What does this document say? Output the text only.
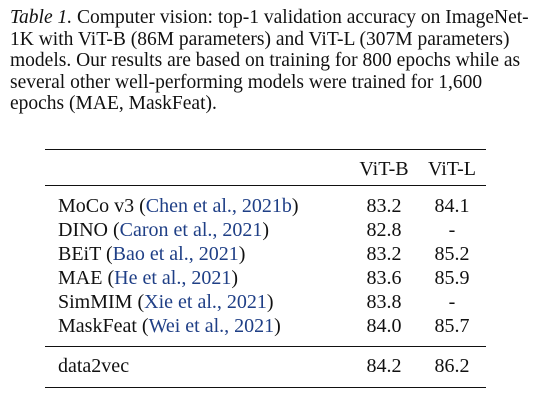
Table 1. Computer vision: top-1 validation accuracy on ImageNet-1K with ViT-B (86M parameters) and ViT-L (307M parameters) models. Our results are based on training for 800 epochs while as several other well-performing models were trained for 1,600 epochs (MAE, MaskFeat).
ViT-B ViT-L
MoCo v3 (Chen et al., 2021b)	83.2	84.1
DINO (Caron et al., 2021)	82.8	-
BEiT (Bao et al., 2021)	83.2	85.2
MAE (He et al., 2021)	83.6	85.9
SimMIM (Xie et al., 2021)	83.8	-
MaskFeat (Wei et al., 2021)	84.0	85.7
data2vec	84.2	86.2
